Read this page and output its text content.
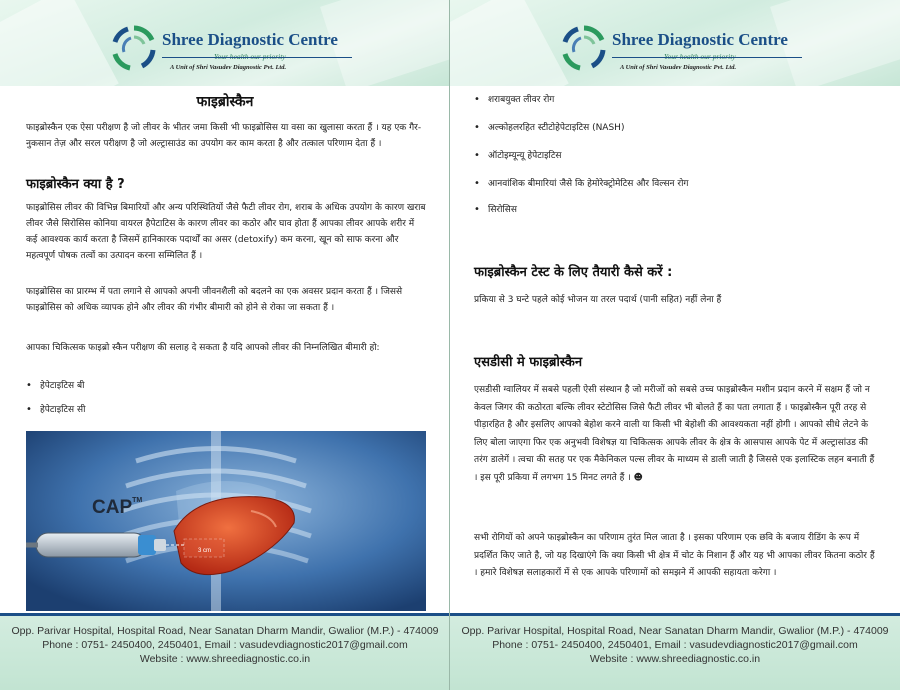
Shree Diagnostic Centre
A Unit of Shri Vasudev Diagnostic Pvt. Ltd.
फाइब्रोस्कैन
फाइब्रोस्कैन एक ऐसा परीक्षण है जो लीवर के भीतर जमा किसी भी फाइब्रोसिस या वसा का खुलासा करता हैं । यह एक गैर-नुकसान तेज़ और सरल परीक्षण है जो अल्ट्रासाउंड का उपयोग कर काम करता है और तत्काल परिणाम देता हैं ।
फाइब्रोस्कैन क्या है ?
फाइब्रोसिस लीवर की विभिन्न बिमारियों और अन्य परिस्थितियों जैसे फैटी लीवर रोग, शराब के अधिक उपयोग के कारण खराब लीवर जैसे सिरोसिस कोनिया वायरल हैपेटाटिस के कारण लीवर का कठोर और घाव होता हैं आपका लीवर आपके शरीर में कई आवश्यक कार्य करता है जिसमें हानिकारक पदार्थों का असर (detoxify) कम करना, खून को साफ करना और महत्वपूर्ण पोषक तत्वों का उत्पादन करना सम्मिलित हैं ।
फाइब्रोसिस का प्रारम्भ में पता लगाने से आपको अपनी जीवनशैली को बदलने का एक अवसर प्रदान करता हैं । जिससे फाइब्रोसिस को अधिक व्यापक होने और लीवर की गंभीर बीमारी को होने से रोका जा सकता हैं ।
आपका चिकित्सक फाइब्रो स्कैन परीक्षण की सलाह दे सकता है यदि आपको लीवर की निम्नलिखित बीमारी हो:
• हेपेटाइटिस बी
• हेपेटाइटिस सी
3 cm
CAP™
Opp. Parivar Hospital, Hospital Road, Near Sanatan Dharm Mandir, Gwalior (M.P.) - 474009
Phone : 0751- 2450400, 2450401, Email : vasudevdiagnostic2017@gmail.com
Website : www.shreediagnostic.co.in
Shree Diagnostic Centre
A Unit of Shri Vasudev Diagnostic Pvt. Ltd.
• शराबयुक्त लीवर रोग
• अल्कोहलरहित स्टीटोहेपेटाइटिस (NASH)
• ऑटोइम्यून्यू हेपेटाइटिस
• आनवांशिक बीमारियां जैसे कि हेमोरेक्ट्रोमेटिस और विल्सन रोग
• सिरोसिस
फाइब्रोस्कैन टेस्ट के लिए तैयारी कैसे करें :
प्रकिया से 3 घन्टे पहले कोई भोजन या तरल पदार्थ (पानी सहित) नहीं लेना हैं
एसडीसी मे फाइब्रोस्कैन
एसडीसी ग्वालियर में सबसे पहली ऐसी संस्थान है जो मरीजों को सबसे उच्च फाइब्रोस्कैन मशीन प्रदान करने में सक्षम हैं जो न केवल जिगर की कठोरता बल्कि लीवर स्टेटोसिस जिसे फैटी लीवर भी बोलते हैं का पता लगाता हैं । फाइब्रोस्कैन पूरी तरह से पीड़ारहित है और इसलिए आपको बेहोश करने वाली या किसी भी बेहोशी की आवश्यकता नहीं होगी । आपको सीधे लेटने के लिए बोला जाएगा फिर एक अनुभवी विशेषज्ञ या चिकित्सक आपके लीवर के क्षेत्र के आसपास आपके पेट में अल्ट्रासांउड की तरंग डालेगें । त्वचा की सतह पर एक मैकेनिकल पल्स लीवर के माध्यम से डाली जाती है जिससे एक इलास्टिक लहन बनाती हैं । इस पूरी प्रकिया में लगभग 15 मिनट लगते हैं । ☻
सभी रोगियों को अपने फाइब्रोस्कैन का परिणाम तुरंत मिल जाता है । इसका परिणाम एक छवि के बजाय रीडिंग के रूप में प्रदर्शित किए जाते है, जो यह दिखाएंगे कि क्या किसी भी क्षेत्र में चोट के निशान हैं और यह भी आपका लीवर कितना कठोर हैं । हमारे विशेषज्ञ सलाहकारों में से एक आपके परिणामों को समझने में आपकी सहायता करेगा ।
Opp. Parivar Hospital, Hospital Road, Near Sanatan Dharm Mandir, Gwalior (M.P.) - 474009
Phone : 0751- 2450400, 2450401, Email : vasudevdiagnostic2017@gmail.com
Website : www.shreediagnostic.co.in
